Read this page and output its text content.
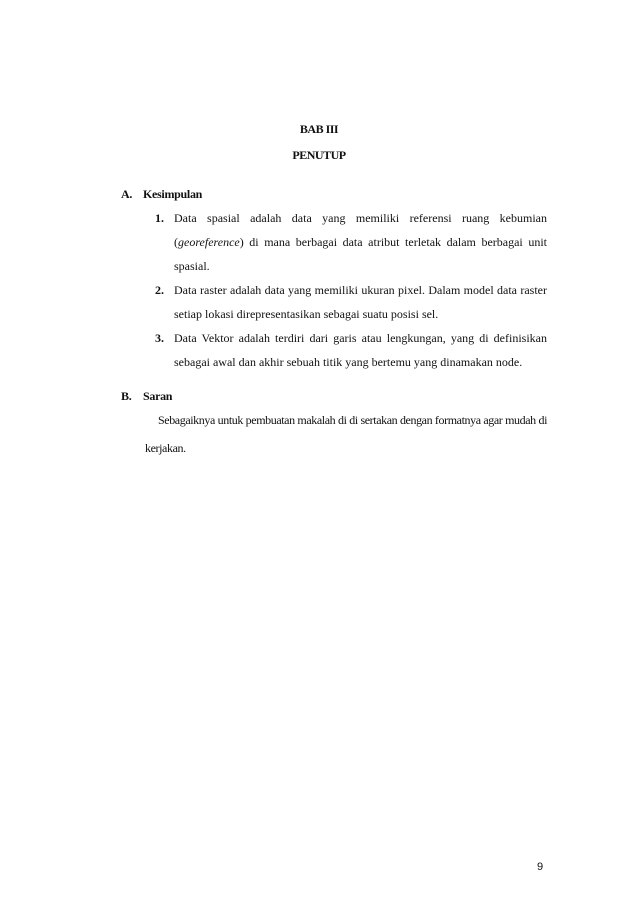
BAB III
PENUTUP
A. Kesimpulan
1. Data spasial adalah data yang memiliki referensi ruang kebumian (georeference) di mana berbagai data atribut terletak dalam berbagai unit spasial.
2. Data raster adalah data yang memiliki ukuran pixel. Dalam model data raster setiap lokasi direpresentasikan sebagai suatu posisi sel.
3. Data Vektor adalah terdiri dari garis atau lengkungan, yang di definisikan sebagai awal dan akhir sebuah titik yang bertemu yang dinamakan node.
B. Saran
Sebagaiknya untuk pembuatan makalah di di sertakan dengan formatnya agar mudah di kerjakan.
9
